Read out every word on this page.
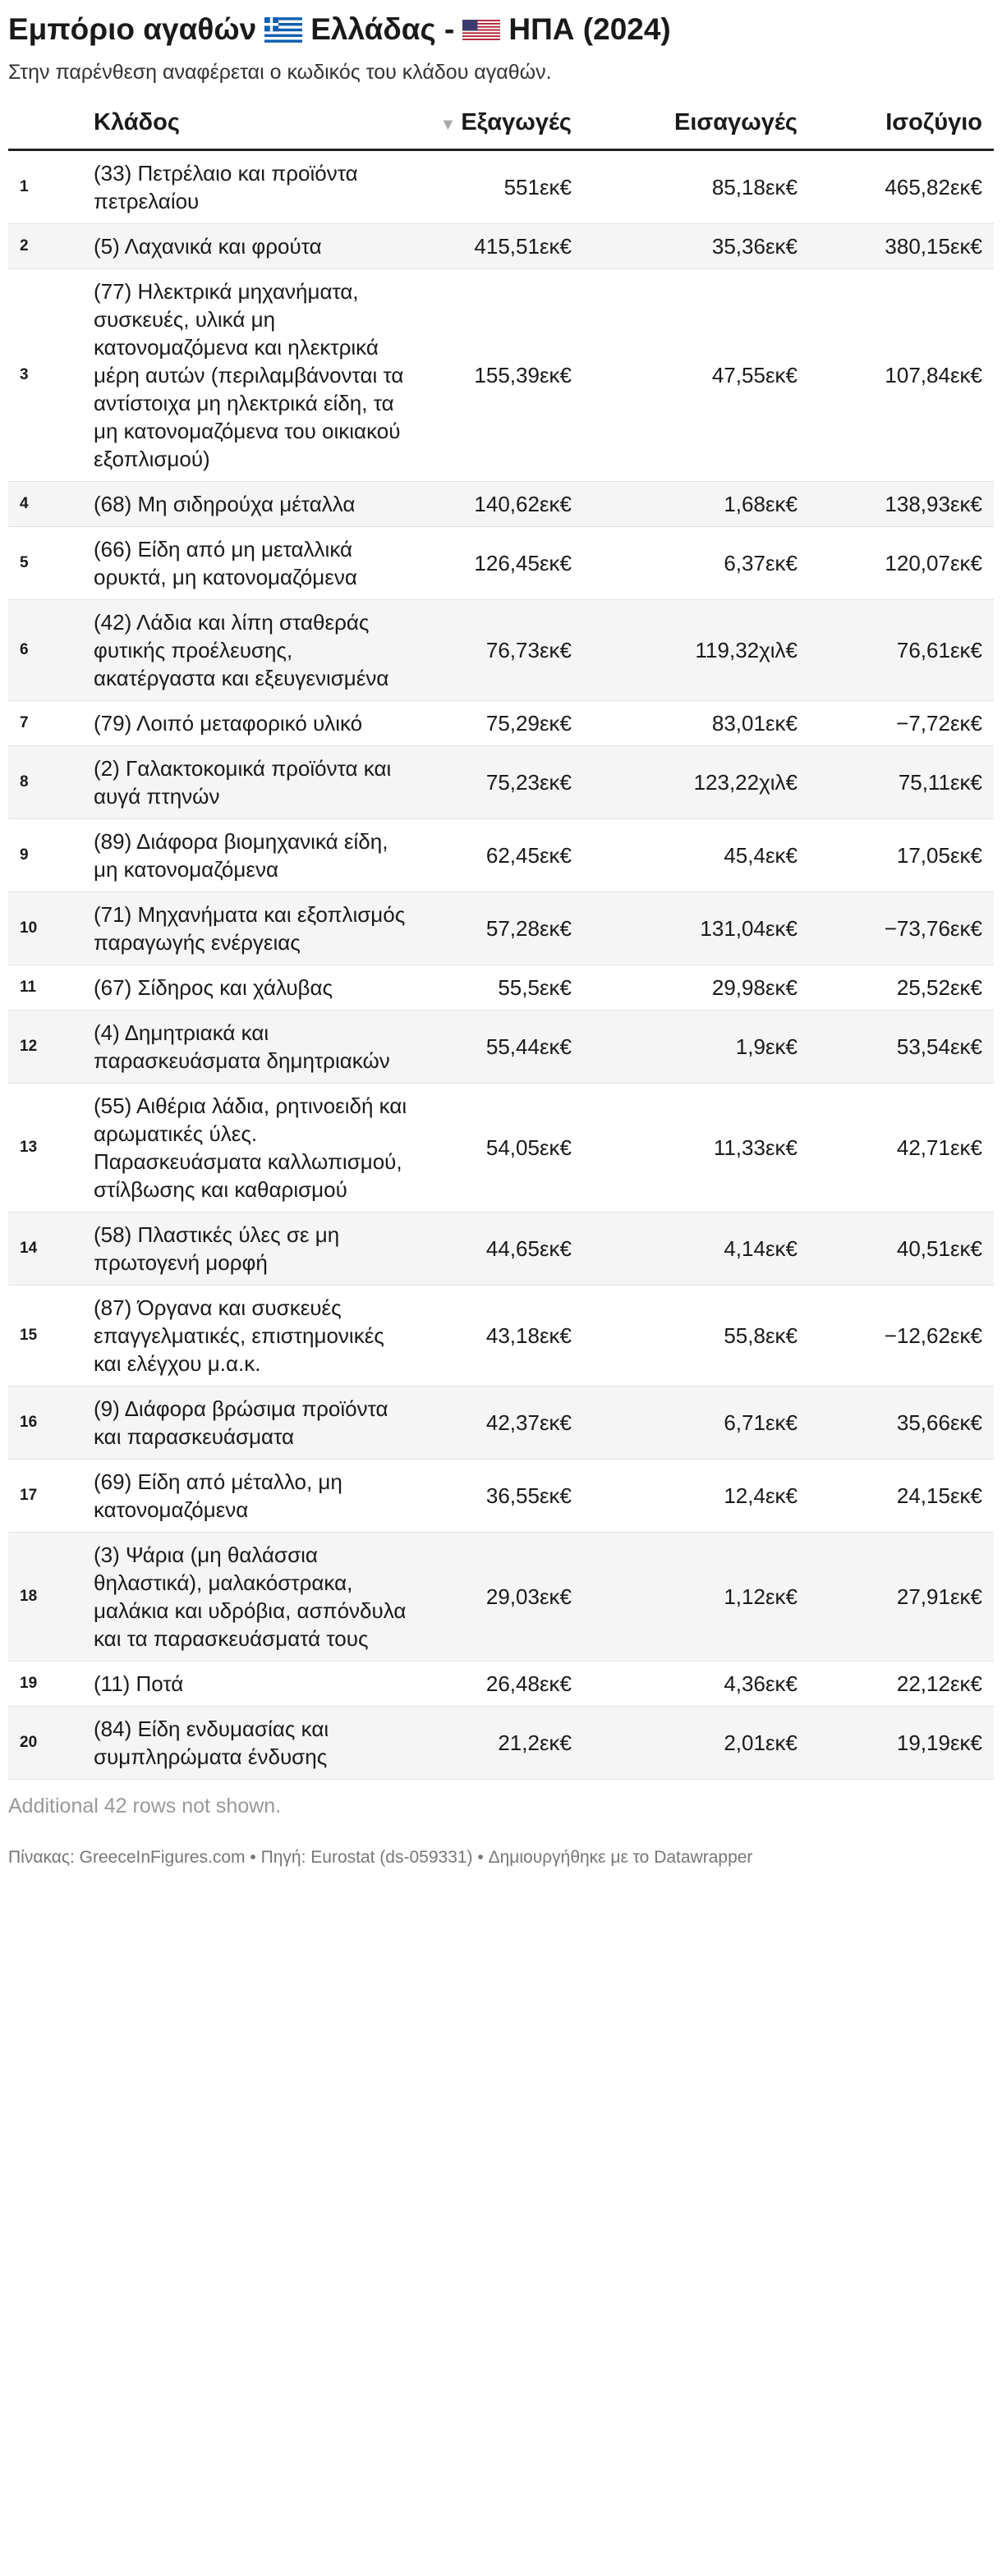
Εμπόριο αγαθών Ελλάδας - ΗΠΑ (2024)
Στην παρένθεση αναφέρεται ο κωδικός του κλάδου αγαθών.
	Κλάδος	▼ Εξαγωγές	Εισαγωγές	Ισοζύγιο
1	(33) Πετρέλαιο και προϊόντα πετρελαίου	551εκ€	85,18εκ€	465,82εκ€
2	(5) Λαχανικά και φρούτα	415,51εκ€	35,36εκ€	380,15εκ€
3	(77) Ηλεκτρικά μηχανήματα, συσκευές, υλικά μη κατονομαζόμενα και ηλεκτρικά μέρη αυτών (περιλαμβάνονται τα αντίστοιχα μη ηλεκτρικά είδη, τα μη κατονομαζόμενα του οικιακού εξοπλισμού)	155,39εκ€	47,55εκ€	107,84εκ€
4	(68) Μη σιδηρούχα μέταλλα	140,62εκ€	1,68εκ€	138,93εκ€
5	(66) Είδη από μη μεταλλικά ορυκτά, μη κατονομαζόμενα	126,45εκ€	6,37εκ€	120,07εκ€
6	(42) Λάδια και λίπη σταθεράς φυτικής προέλευσης, ακατέργαστα και εξευγενισμένα	76,73εκ€	119,32χιλ€	76,61εκ€
7	(79) Λοιπό μεταφορικό υλικό	75,29εκ€	83,01εκ€	−7,72εκ€
8	(2) Γαλακτοκομικά προϊόντα και αυγά πτηνών	75,23εκ€	123,22χιλ€	75,11εκ€
9	(89) Διάφορα βιομηχανικά είδη, μη κατονομαζόμενα	62,45εκ€	45,4εκ€	17,05εκ€
10	(71) Μηχανήματα και εξοπλισμός παραγωγής ενέργειας	57,28εκ€	131,04εκ€	−73,76εκ€
11	(67) Σίδηρος και χάλυβας	55,5εκ€	29,98εκ€	25,52εκ€
12	(4) Δημητριακά και παρασκευάσματα δημητριακών	55,44εκ€	1,9εκ€	53,54εκ€
13	(55) Αιθέρια λάδια, ρητινοειδή και αρωματικές ύλες. Παρασκευάσματα καλλωπισμού, στίλβωσης και καθαρισμού	54,05εκ€	11,33εκ€	42,71εκ€
14	(58) Πλαστικές ύλες σε μη πρωτογενή μορφή	44,65εκ€	4,14εκ€	40,51εκ€
15	(87) Όργανα και συσκευές επαγγελματικές, επιστημονικές και ελέγχου μ.α.κ.	43,18εκ€	55,8εκ€	−12,62εκ€
16	(9) Διάφορα βρώσιμα προϊόντα και παρασκευάσματα	42,37εκ€	6,71εκ€	35,66εκ€
17	(69) Είδη από μέταλλο, μη κατονομαζόμενα	36,55εκ€	12,4εκ€	24,15εκ€
18	(3) Ψάρια (μη θαλάσσια θηλαστικά), μαλακόστρακα, μαλάκια και υδρόβια, ασπόνδυλα και τα παρασκευάσματά τους	29,03εκ€	1,12εκ€	27,91εκ€
19	(11) Ποτά	26,48εκ€	4,36εκ€	22,12εκ€
20	(84) Είδη ενδυμασίας και συμπληρώματα ένδυσης	21,2εκ€	2,01εκ€	19,19εκ€
Additional 42 rows not shown.
Πίνακας: GreeceInFigures.com • Πηγή: Eurostat (ds-059331) • Δημιουργήθηκε με το Datawrapper
